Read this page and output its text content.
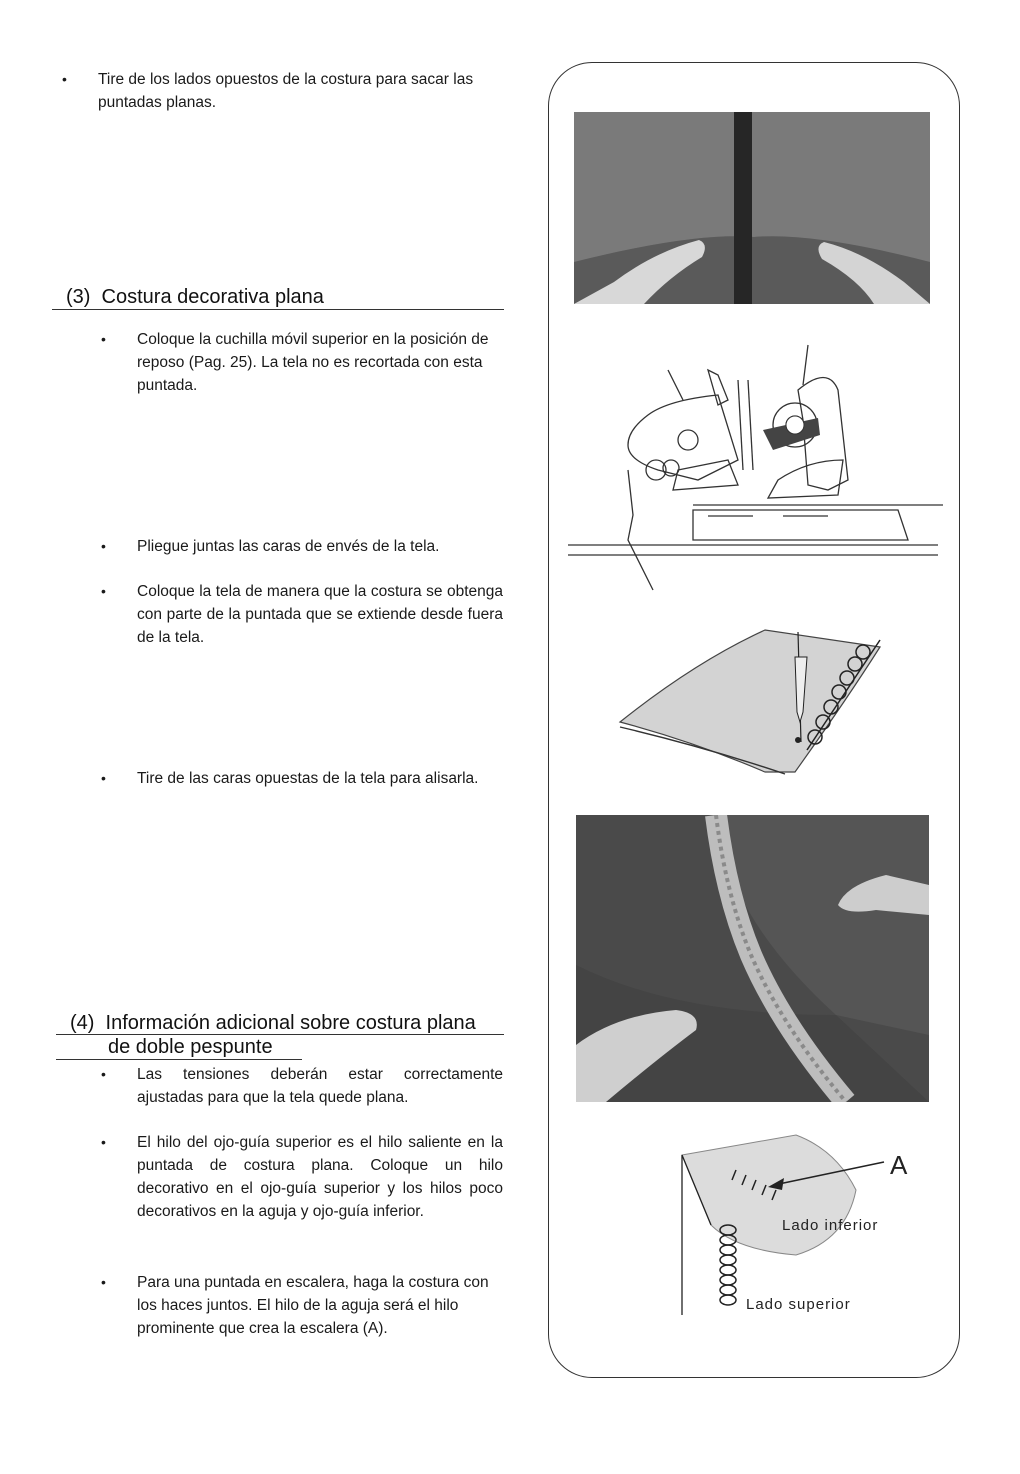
• Tire de los lados opuestos de la costura para sacar las puntadas planas.
(3)  Costura decorativa plana
• Coloque la cuchilla móvil superior en la posición de reposo (Pag. 25). La tela no es recortada con esta puntada.
• Pliegue juntas las caras de envés de la tela.
• Coloque la tela de manera que la costura se obtenga con parte de la puntada que se extiende desde fuera de la tela.
• Tire de las caras opuestas de la tela para alisarla.
(4)  Información adicional sobre costura plana
de doble pespunte
• Las tensiones deberán estar correctamente ajustadas para que la tela quede plana.
• El hilo del ojo-guía superior es el hilo saliente en la puntada de costura plana. Coloque un hilo decorativo en el ojo-guía superior y los hilos poco decorativos en la aguja y ojo-guía inferior.
• Para una puntada en escalera, haga la costura con los haces juntos. El hilo de la aguja será el hilo prominente que crea la escalera (A).
A
Lado inferior
Lado superior
